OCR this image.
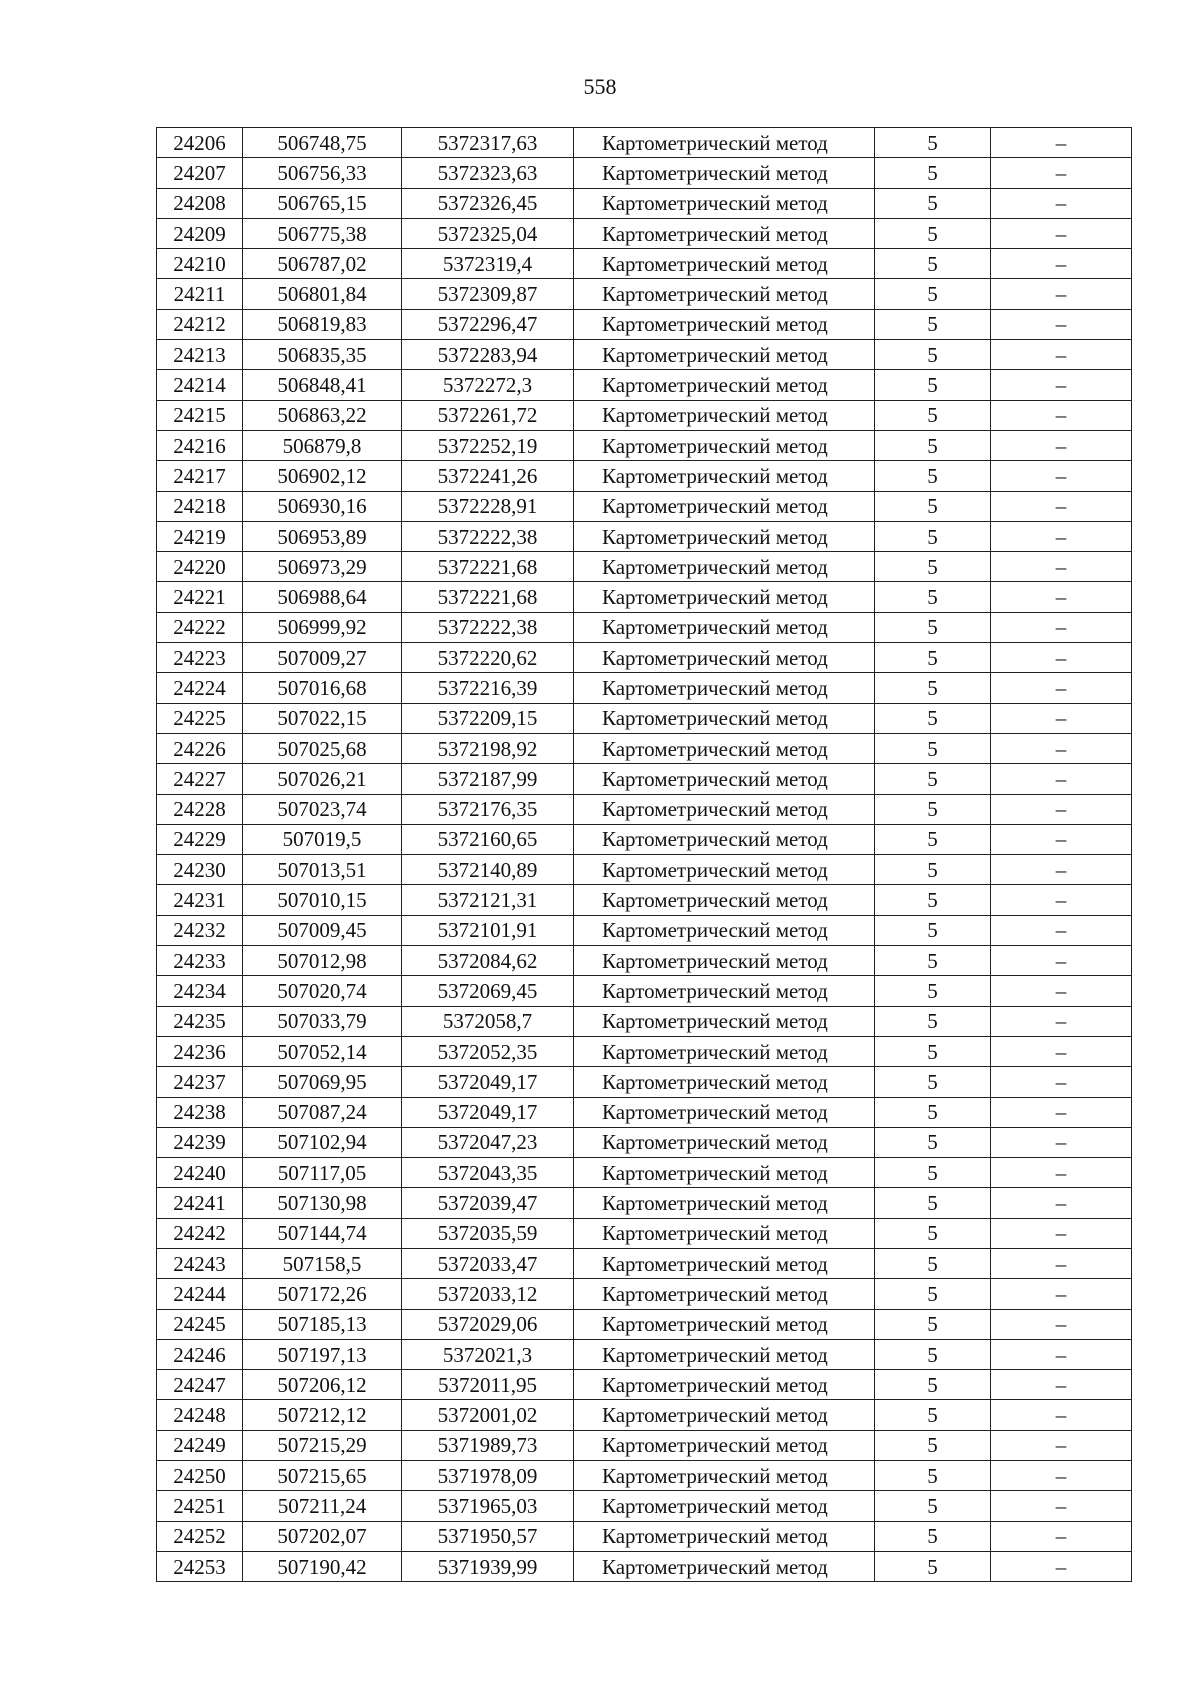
558
24206	506748,75	5372317,63	Картометрический метод	5	–
24207	506756,33	5372323,63	Картометрический метод	5	–
24208	506765,15	5372326,45	Картометрический метод	5	–
24209	506775,38	5372325,04	Картометрический метод	5	–
24210	506787,02	5372319,4	Картометрический метод	5	–
24211	506801,84	5372309,87	Картометрический метод	5	–
24212	506819,83	5372296,47	Картометрический метод	5	–
24213	506835,35	5372283,94	Картометрический метод	5	–
24214	506848,41	5372272,3	Картометрический метод	5	–
24215	506863,22	5372261,72	Картометрический метод	5	–
24216	506879,8	5372252,19	Картометрический метод	5	–
24217	506902,12	5372241,26	Картометрический метод	5	–
24218	506930,16	5372228,91	Картометрический метод	5	–
24219	506953,89	5372222,38	Картометрический метод	5	–
24220	506973,29	5372221,68	Картометрический метод	5	–
24221	506988,64	5372221,68	Картометрический метод	5	–
24222	506999,92	5372222,38	Картометрический метод	5	–
24223	507009,27	5372220,62	Картометрический метод	5	–
24224	507016,68	5372216,39	Картометрический метод	5	–
24225	507022,15	5372209,15	Картометрический метод	5	–
24226	507025,68	5372198,92	Картометрический метод	5	–
24227	507026,21	5372187,99	Картометрический метод	5	–
24228	507023,74	5372176,35	Картометрический метод	5	–
24229	507019,5	5372160,65	Картометрический метод	5	–
24230	507013,51	5372140,89	Картометрический метод	5	–
24231	507010,15	5372121,31	Картометрический метод	5	–
24232	507009,45	5372101,91	Картометрический метод	5	–
24233	507012,98	5372084,62	Картометрический метод	5	–
24234	507020,74	5372069,45	Картометрический метод	5	–
24235	507033,79	5372058,7	Картометрический метод	5	–
24236	507052,14	5372052,35	Картометрический метод	5	–
24237	507069,95	5372049,17	Картометрический метод	5	–
24238	507087,24	5372049,17	Картометрический метод	5	–
24239	507102,94	5372047,23	Картометрический метод	5	–
24240	507117,05	5372043,35	Картометрический метод	5	–
24241	507130,98	5372039,47	Картометрический метод	5	–
24242	507144,74	5372035,59	Картометрический метод	5	–
24243	507158,5	5372033,47	Картометрический метод	5	–
24244	507172,26	5372033,12	Картометрический метод	5	–
24245	507185,13	5372029,06	Картометрический метод	5	–
24246	507197,13	5372021,3	Картометрический метод	5	–
24247	507206,12	5372011,95	Картометрический метод	5	–
24248	507212,12	5372001,02	Картометрический метод	5	–
24249	507215,29	5371989,73	Картометрический метод	5	–
24250	507215,65	5371978,09	Картометрический метод	5	–
24251	507211,24	5371965,03	Картометрический метод	5	–
24252	507202,07	5371950,57	Картометрический метод	5	–
24253	507190,42	5371939,99	Картометрический метод	5	–
